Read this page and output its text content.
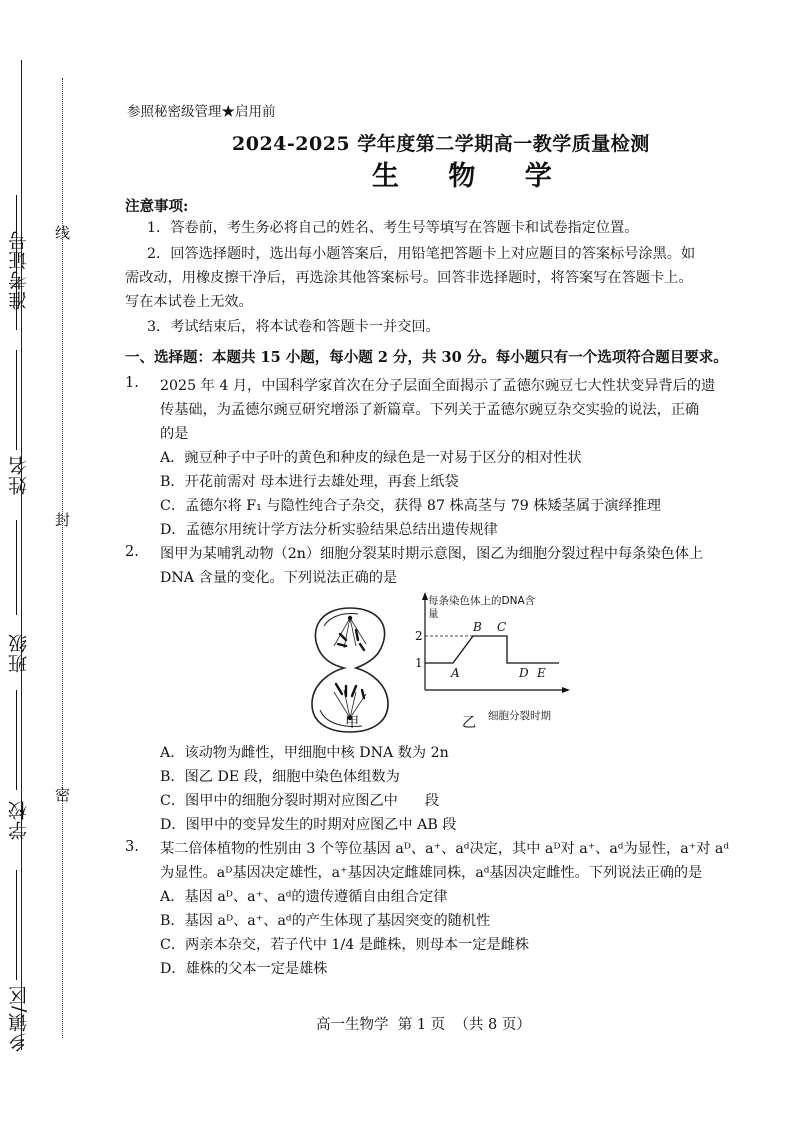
准考证号
姓名
班级
学校
乡镇/区
线
封
密
参照秘密级管理★启用前
2024-2025 学年度第二学期高一教学质量检测
生 物 学
注意事项:
1．答卷前，考生务必将自己的姓名、考生号等填写在答题卡和试卷指定位置。
2．回答选择题时，选出每小题答案后，用铅笔把答题卡上对应题目的答案标号涂黑。如
需改动，用橡皮擦干净后，再选涂其他答案标号。回答非选择题时，将答案写在答题卡上。
写在本试卷上无效。
3．考试结束后，将本试卷和答题卡一并交回。
一、选择题：本题共 15 小题，每小题 2 分，共 30 分。每小题只有一个选项符合题目要求。
1. 2025 年 4 月，中国科学家首次在分子层面全面揭示了孟德尔豌豆七大性状变异背后的遗
传基础，为孟德尔豌豆研究增添了新篇章。下列关于孟德尔豌豆杂交实验的说法，正确
的是
A．豌豆种子中子叶的黄色和种皮的绿色是一对易于区分的相对性状
B．开花前需对 母本进行去雄处理，再套上纸袋
C．孟德尔将 F₁ 与隐性纯合子杂交，获得 87 株高茎与 79 株矮茎属于演绎推理
D．孟德尔用统计学方法分析实验结果总结出遗传规律
2. 图甲为某哺乳动物（2n）细胞分裂某时期示意图，图乙为细胞分裂过程中每条染色体上
DNA 含量的变化。下列说法正确的是
甲
1
2
A
B C
D E
每条染色体上的DNA含量
细胞分裂时期
乙
A．该动物为雌性，甲细胞中核 DNA 数为 2n
B．图乙 DE 段，细胞中染色体组数为
C．图甲中的细胞分裂时期对应图乙中      段
D．图甲中的变异发生的时期对应图乙中 AB 段
3. 某二倍体植物的性别由 3 个等位基因 aᴰ、a⁺、aᵈ决定，其中 aᴰ对 a⁺、aᵈ为显性，a⁺对 aᵈ
为显性。aᴰ基因决定雄性，a⁺基因决定雌雄同株，aᵈ基因决定雌性。下列说法正确的是
A．基因 aᴰ、a⁺、aᵈ的遗传遵循自由组合定律
B．基因 aᴰ、a⁺、aᵈ的产生体现了基因突变的随机性
C．两亲本杂交，若子代中 1/4 是雌株，则母本一定是雌株
D．雄株的父本一定是雄株
高一生物学  第 1 页  （共 8 页）
